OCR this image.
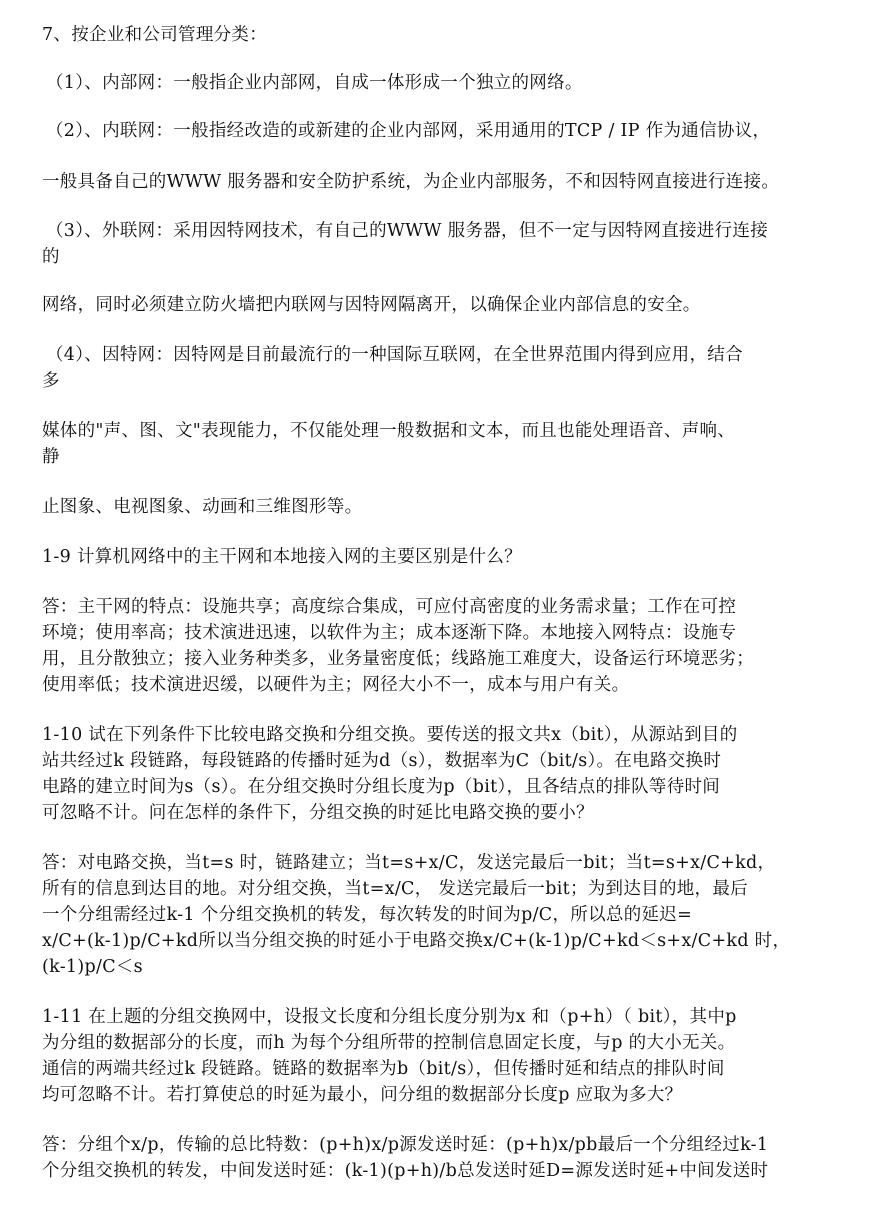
7、按企业和公司管理分类：
（1）、内部网：一般指企业内部网，自成一体形成一个独立的网络。
（2）、内联网：一般指经改造的或新建的企业内部网，采用通用的TCP / IP 作为通信协议，
一般具备自己的WWW 服务器和安全防护系统，为企业内部服务，不和因特网直接进行连接。
（3）、外联网：采用因特网技术，有自己的WWW 服务器，但不一定与因特网直接进行连接
的
网络，同时必须建立防火墙把内联网与因特网隔离开，以确保企业内部信息的安全。
（4）、因特网：因特网是目前最流行的一种国际互联网，在全世界范围内得到应用，结合
多
媒体的"声、图、文"表现能力，不仅能处理一般数据和文本，而且也能处理语音、声响、
静
止图象、电视图象、动画和三维图形等。
1-9 计算机网络中的主干网和本地接入网的主要区别是什么？
答：主干网的特点：设施共享；高度综合集成，可应付高密度的业务需求量；工作在可控
环境；使用率高；技术演进迅速，以软件为主；成本逐渐下降。本地接入网特点：设施专
用，且分散独立；接入业务种类多，业务量密度低；线路施工难度大，设备运行环境恶劣；
使用率低；技术演进迟缓，以硬件为主；网径大小不一，成本与用户有关。
1-10 试在下列条件下比较电路交换和分组交换。要传送的报文共x（bit），从源站到目的
站共经过k 段链路，每段链路的传播时延为d（s），数据率为C（bit/s）。在电路交换时
电路的建立时间为s（s）。在分组交换时分组长度为p（bit），且各结点的排队等待时间
可忽略不计。问在怎样的条件下，分组交换的时延比电路交换的要小？
答：对电路交换，当t=s 时，链路建立；当t=s+x/C，发送完最后一bit；当t=s+x/C+kd，
所有的信息到达目的地。对分组交换，当t=x/C， 发送完最后一bit；为到达目的地，最后
一个分组需经过k-1 个分组交换机的转发，每次转发的时间为p/C，所以总的延迟=
x/C+(k-1)p/C+kd所以当分组交换的时延小于电路交换x/C+(k-1)p/C+kd＜s+x/C+kd 时，
(k-1)p/C＜s
1-11 在上题的分组交换网中，设报文长度和分组长度分别为x 和（p+h）（ bit），其中p
为分组的数据部分的长度，而h 为每个分组所带的控制信息固定长度，与p 的大小无关。
通信的两端共经过k 段链路。链路的数据率为b（bit/s），但传播时延和结点的排队时间
均可忽略不计。若打算使总的时延为最小，问分组的数据部分长度p 应取为多大？
答：分组个x/p，传输的总比特数：(p+h)x/p源发送时延：(p+h)x/pb最后一个分组经过k-1
个分组交换机的转发，中间发送时延：(k-1)(p+h)/b总发送时延D=源发送时延+中间发送时
